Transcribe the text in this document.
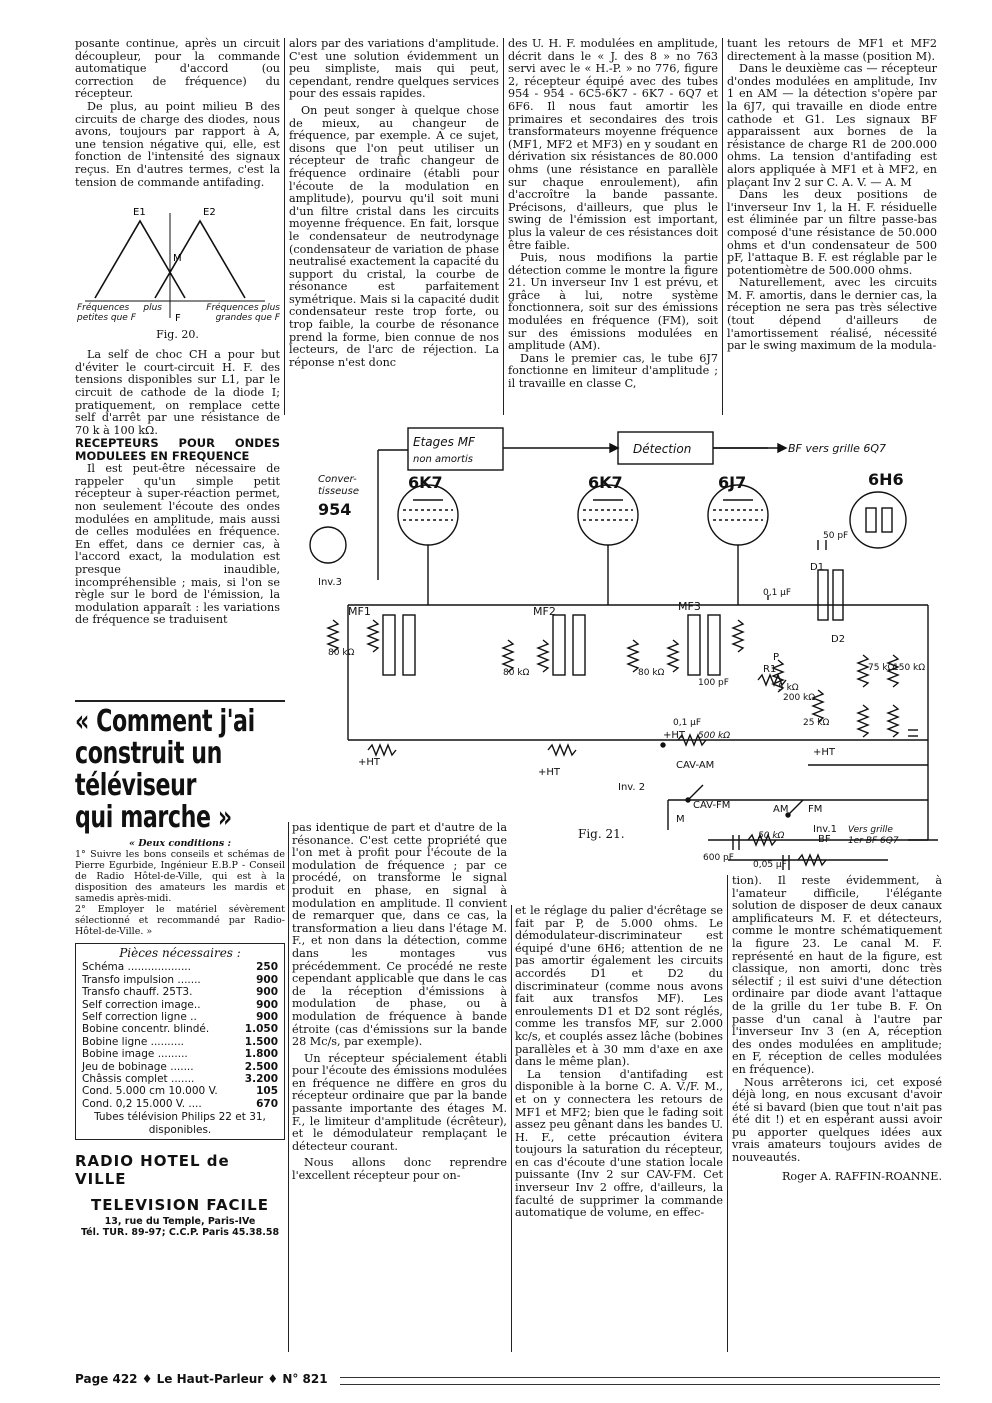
posante continue, après un circuit découpleur, pour la commande automatique d'accord (ou correction de fréquence) du récepteur.

De plus, au point milieu B des circuits de charge des diodes, nous avons, toujours par rapport à A, une tension négative qui, elle, est fonction de l'intensité des signaux reçus. En d'autres termes, c'est la tension de commande antifading.

E1	E2
M
F
Fréquences plus petites que F
Fréquences plus grandes que F
Fig. 20.

La self de choc CH a pour but d'éviter le court-circuit H. F. des tensions disponibles sur L1, par le circuit de cathode de la diode I; pratiquement, on remplace cette self d'arrêt par une résistance de 70 k à 100 kΩ.

RECEPTEURS POUR ONDES MODULEES EN FREQUENCE

Il est peut-être nécessaire de rappeler qu'un simple petit récepteur à super-réaction permet, non seulement l'écoute des ondes modulées en amplitude, mais aussi de celles modulées en fréquence. En effet, dans ce dernier cas, à l'accord exact, la modulation est presque inaudible, incompréhensible ; mais, si l'on se règle sur le bord de l'émission, la modulation apparaît : les variations de fréquence se traduisent

alors par des variations d'amplitude. C'est une solution évidemment un peu simpliste, mais qui peut, cependant, rendre quelques services pour des essais rapides.

On peut songer à quelque chose de mieux, au changeur de fréquence, par exemple. A ce sujet, disons que l'on peut utiliser un récepteur de trafic changeur de fréquence ordinaire (établi pour l'écoute de la modulation en amplitude), pourvu qu'il soit muni d'un filtre cristal dans les circuits moyenne fréquence. En fait, lorsque le condensateur de neutrodynage (condensateur de variation de phase neutralisé exactement la capacité du support du cristal, la courbe de résonance est parfaitement symétrique. Mais si la capacité dudit condensateur reste trop forte, ou trop faible, la courbe de résonance prend la forme, bien connue de nos lecteurs, de l'arc de réjection. La réponse n'est donc

des U. H. F. modulées en amplitude, décrit dans le « J. des 8 » no 763 servi avec le « H.-P. » no 776, figure 2, récepteur équipé avec des tubes 954 - 954 - 6C5-6K7 - 6K7 - 6Q7 et 6F6. Il nous faut amortir les primaires et secondaires des trois transformateurs moyenne fréquence (MF1, MF2 et MF3) en y soudant en dérivation six résistances de 80.000 ohms (une résistance en parallèle sur chaque enroulement), afin d'accroître la bande passante. Précisons, d'ailleurs, que plus le swing de l'émission est important, plus la valeur de ces résistances doit être faible.

Puis, nous modifions la partie détection comme le montre la figure 21. Un inverseur Inv 1 est prévu, et grâce à lui, notre système fonctionnera, soit sur des émissions modulées en fréquence (FM), soit sur des émissions modulées en amplitude (AM).

Dans le premier cas, le tube 6J7 fonctionne en limiteur d'amplitude ; il travaille en classe C,

tuant les retours de MF1 et MF2 directement à la masse (position M).

Dans le deuxième cas — récepteur d'ondes modulées en amplitude, Inv 1 en AM — la détection s'opère par la 6J7, qui travaille en diode entre cathode et G1. Les signaux BF apparaissent aux bornes de la résistance de charge R1 de 200.000 ohms. La tension d'antifading est alors appliquée à MF1 et à MF2, en plaçant Inv 2 sur C. A. V. — A. M

Dans les deux positions de l'inverseur Inv 1, la H. F. résiduelle est éliminée par un filtre passe-bas composé d'une résistance de 50.000 ohms et d'un condensateur de 500 pF, l'attaque B. F. est réglable par le potentiomètre de 500.000 ohms.

Naturellement, avec les circuits M. F. amortis, dans le dernier cas, la réception ne sera pas très sélective (tout dépend d'ailleurs de l'amortissement réalisé, nécessité par le swing maximum de la modula-

« Comment j'ai
construit un
téléviseur
qui marche »
« Deux conditions :
1° Suivre les bons conseils et schémas de Pierre Egurbide, Ingénieur E.B.P - Conseil de Radio Hôtel-de-Ville, qui est à la disposition des amateurs les mardis et samedis après-midi.
2° Employer le matériel sévèrement sélectionné et recommandé par Radio-Hôtel-de-Ville. »
Pièces nécessaires :
Schéma ...................	250
Transfo impulsion .......	900
Transfo chauff. 25T3.	900
Self correction image..	900
Self correction ligne ..	900
Bobine concentr. blindé.	1.050
Bobine ligne ..........	1.500
Bobine image .........	1.800
Jeu de bobinage .......	2.500
Châssis complet .......	3.200
Cond. 5.000 cm 10.000 V.	105
Cond. 0,2 15.000 V. ....	670
Tubes télévision Philips 22 et 31, disponibles.
RADIO HOTEL de VILLE
TELEVISION FACILE
13, rue du Temple, Paris-IVe
Tél. TUR. 89-97; C.C.P. Paris 45.38.58
Etages MF
non amortis
Détection	BF vers grille 6Q7
Conver-
tisseuse
954
6K7	6K7	6J7	6H6
MF1	MF2	MF3
Inv.3
Inv. 2
Inv.1
50 pF
D1
D2
R1
P
5 kΩ
100 pF
0,1 μF
0,1 μF
500 kΩ
+HT
+HT
+HT
+HT
CAV-AM
CAV-FM	AM FM
M
BF
50 kΩ
600 pF
0,05 μF
Vers grille
1er BF 6Q7
80 kΩ
80 kΩ	80 kΩ
200 kΩ
25 kΩ
75 kΩ
150 kΩ
Fig. 21.

pas identique de part et d'autre de la résonance. C'est cette propriété que l'on met à profit pour l'écoute de la modulation de fréquence ; par ce procédé, on transforme le signal produit en phase, en signal à modulation en amplitude. Il convient de remarquer que, dans ce cas, la transformation a lieu dans l'étage M. F., et non dans la détection, comme dans les montages vus précédemment. Ce procédé ne reste cependant applicable que dans le cas de la réception d'émissions à modulation de phase, ou à modulation de fréquence à bande étroite (cas d'émissions sur la bande 28 Mc/s, par exemple).

Un récepteur spécialement établi pour l'écoute des émissions modulées en fréquence ne diffère en gros du récepteur ordinaire que par la bande passante importante des étages M. F., le limiteur d'amplitude (écrêteur), et le démodulateur remplaçant le détecteur courant.

Nous allons donc reprendre l'excellent récepteur pour on-

et le réglage du palier d'écrêtage se fait par P, de 5.000 ohms. Le démodulateur-discriminateur est équipé d'une 6H6; attention de ne pas amortir également les circuits accordés D1 et D2 du discriminateur (comme nous avons fait aux transfos MF). Les enroulements D1 et D2 sont réglés, comme les transfos MF, sur 2.000 kc/s, et couplés assez lâche (bobines parallèles et à 30 mm d'axe en axe dans le même plan).

La tension d'antifading est disponible à la borne C. A. V./F. M., et on y connectera les retours de MF1 et MF2; bien que le fading soit assez peu gênant dans les bandes U. H. F., cette précaution évitera toujours la saturation du récepteur, en cas d'écoute d'une station locale puissante (Inv 2 sur CAV-FM. Cet inverseur Inv 2 offre, d'ailleurs, la faculté de supprimer la commande automatique de volume, en effec-

tion). Il reste évidemment, à l'amateur difficile, l'élégante solution de disposer de deux canaux amplificateurs M. F. et détecteurs, comme le montre schématiquement la figure 23. Le canal M. F. représenté en haut de la figure, est classique, non amorti, donc très sélectif ; il est suivi d'une détection ordinaire par diode avant l'attaque de la grille du 1er tube B. F. On passe d'un canal à l'autre par l'inverseur Inv 3 (en A, réception des ondes modulées en amplitude; en F, réception de celles modulées en fréquence).

Nous arrêterons ici, cet exposé déjà long, en nous excusant d'avoir été si bavard (bien que tout n'ait pas été dit !) et en espérant aussi avoir pu apporter quelques idées aux vrais amateurs toujours avides de nouveautés.

Roger A. RAFFIN-ROANNE.
Page 422 ♦ Le Haut-Parleur ♦ N° 821
